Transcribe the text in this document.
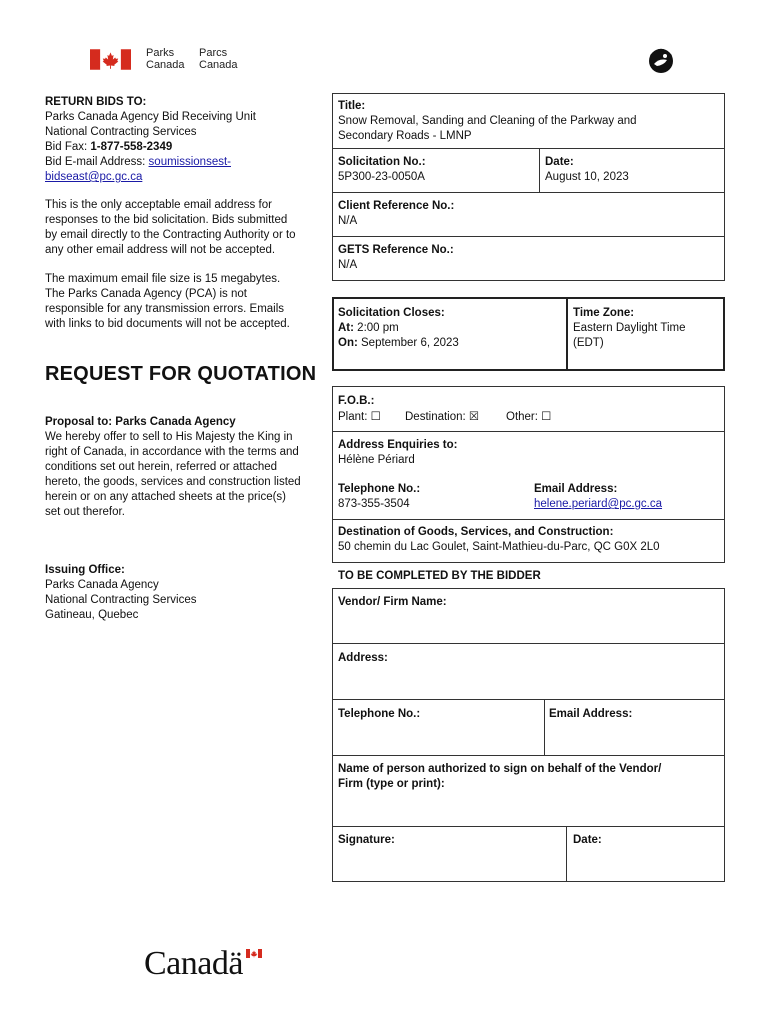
Parks
Canada
Parcs
Canada

RETURN BIDS TO:

Parks Canada Agency Bid Receiving Unit

National Contracting Services

Bid Fax: 1-877-558-2349

Bid E-mail Address: soumissionsest-

bidseast@pc.gc.ca

This is the only acceptable email address for

responses to the bid solicitation. Bids submitted

by email directly to the Contracting Authority or to

any other email address will not be accepted.

The maximum email file size is 15 megabytes.

The Parks Canada Agency (PCA) is not

responsible for any transmission errors. Emails

with links to bid documents will not be accepted.

REQUEST FOR QUOTATION

Proposal to: Parks Canada Agency

We hereby offer to sell to His Majesty the King in

right of Canada, in accordance with the terms and

conditions set out herein, referred or attached

hereto, the goods, services and construction listed

herein or on any attached sheets at the price(s)

set out therefor.

Issuing Office:

Parks Canada Agency

National Contracting Services

Gatineau, Quebec

Title:
Snow Removal, Sanding and Cleaning of the Parkway and
Secondary Roads - LMNP
Solicitation No.:
5P300-23-0050A
Date:
August 10, 2023
Client Reference No.:
N/A
GETS Reference No.:
N/A
Solicitation Closes:
At: 2:00 pm
On: September 6, 2023
Time Zone:
Eastern Daylight Time
(EDT)
F.O.B.:
Plant: ☐ Destination: ☒ Other: ☐
Address Enquiries to:
Hélène Périard
Telephone No.:
873-355-3504
Email Address:
helene.periard@pc.gc.ca
Destination of Goods, Services, and Construction:
50 chemin du Lac Goulet, Saint-Mathieu-du-Parc, QC G0X 2L0
TO BE COMPLETED BY THE BIDDER
Vendor/ Firm Name:
Address:
Telephone No.:	Email Address:
Name of person authorized to sign on behalf of the Vendor/
Firm (type or print):
Signature:	Date:
Canadä
